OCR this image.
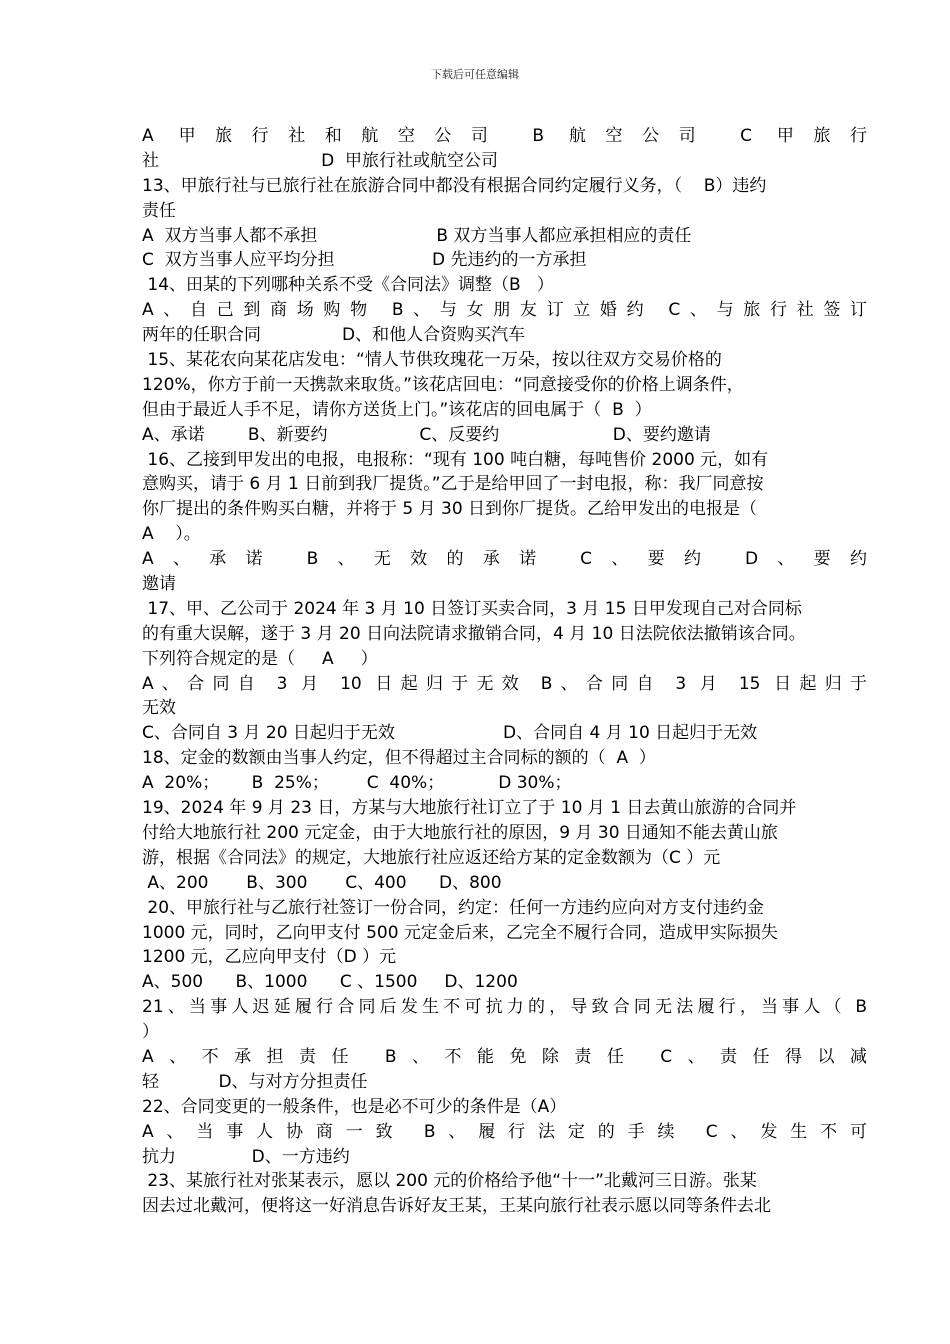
下载后可任意编辑
A 甲旅行社和航空公司 B 航空公司 C 甲旅行
社                              D  甲旅行社或航空公司
13、甲旅行社与已旅行社在旅游合同中都没有根据合同约定履行义务，（    B）违约
责任
A  双方当事人都不承担                      B 双方当事人都应承担相应的责任
C  双方当事人应平均分担                  D 先违约的一方承担
14、田某的下列哪种关系不受《合同法》调整（B   ）
A、自己到商场购物 B、与女朋友订立婚约 C、与旅行社签订
两年的任职合同               D、和他人合资购买汽车
15、某花农向某花店发电：“情人节供玫瑰花一万朵，按以往双方交易价格的
120%，你方于前一天携款来取货。”该花店回电：“同意接受你的价格上调条件，
但由于最近人手不足，请你方送货上门。”该花店的回电属于（  B  ）
A、承诺        B、新要约                 C、反要约                     D、要约邀请
16、乙接到甲发出的电报，电报称：“现有 100 吨白糖，每吨售价 2000 元，如有
意购买，请于 6 月 1 日前到我厂提货。”乙于是给甲回了一封电报，称：我厂同意按
你厂提出的条件购买白糖，并将于 5 月 30 日到你厂提货。乙给甲发出的电报是（
A    ）。
A、承诺 B、无效的承诺 C、要约 D、要约
邀请
17、甲、乙公司于 2024 年 3 月 10 日签订买卖合同，3 月 15 日甲发现自己对合同标
的有重大误解，遂于 3 月 20 日向法院请求撤销合同，4 月 10 日法院依法撤销该合同。
下列符合规定的是（     A     ）
A、合同自 3 月 10 日起归于无效 B、合同自 3 月 15 日起归于
无效
C、合同自 3 月 20 日起归于无效                    D、合同自 4 月 10 日起归于无效
18、定金的数额由当事人约定，但不得超过主合同标的额的（  A  ）
A  20%；      B  25%；       C  40%；          D 30%；
19、2024 年 9 月 23 日，方某与大地旅行社订立了于 10 月 1 日去黄山旅游的合同并
付给大地旅行社 200 元定金，由于大地旅行社的原因，9 月 30 日通知不能去黄山旅
游，根据《合同法》的规定，大地旅行社应返还给方某的定金数额为（C ）元
A、200       B、300       C、400      D、800
20、甲旅行社与乙旅行社签订一份合同，约定：任何一方违约应向对方支付违约金
1000 元，同时，乙向甲支付 500 元定金后来，乙完全不履行合同，造成甲实际损失
1200 元，乙应向甲支付（D ）元
A、500      B、1000      C 、1500     D、1200
21、当事人迟延履行合同后发生不可抗力的，导致合同无法履行，当事人（ B
）
A、不承担责任 B、不能免除责任 C、责任得以减
轻           D、与对方分担责任
22、合同变更的一般条件，也是必不可少的条件是（A）
A、当事人协商一致 B、履行法定的手续 C、发生不可
抗力              D、一方违约
23、某旅行社对张某表示，愿以 200 元的价格给予他“十一”北戴河三日游。张某
因去过北戴河，便将这一好消息告诉好友王某，王某向旅行社表示愿以同等条件去北
